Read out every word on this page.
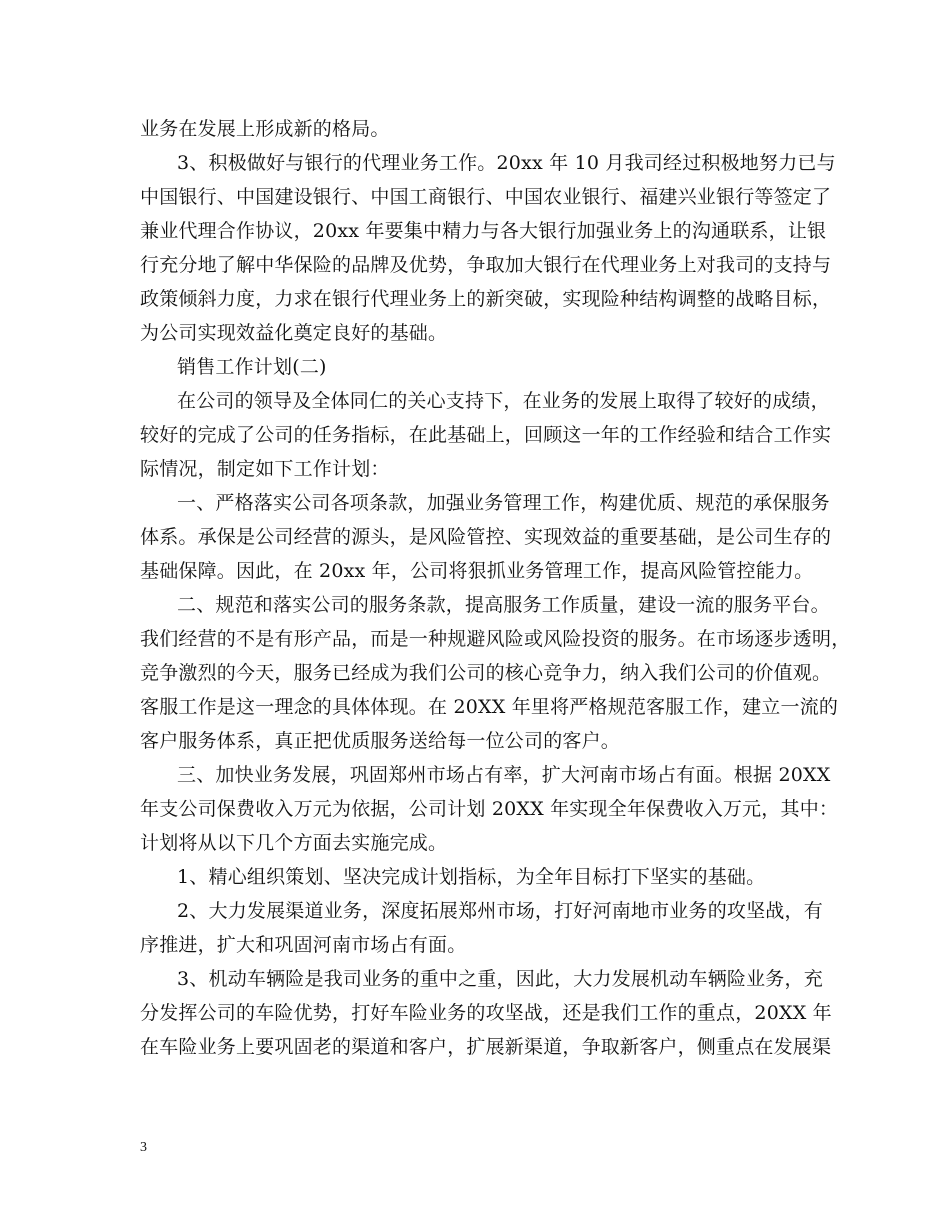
业务在发展上形成新的格局。
3、积极做好与银行的代理业务工作。20xx 年 10 月我司经过积极地努力已与
中国银行、中国建设银行、中国工商银行、中国农业银行、福建兴业银行等签定了
兼业代理合作协议，20xx 年要集中精力与各大银行加强业务上的沟通联系，让银
行充分地了解中华保险的品牌及优势，争取加大银行在代理业务上对我司的支持与
政策倾斜力度，力求在银行代理业务上的新突破，实现险种结构调整的战略目标，
为公司实现效益化奠定良好的基础。
销售工作计划(二)
在公司的领导及全体同仁的关心支持下，在业务的发展上取得了较好的成绩，
较好的完成了公司的任务指标，在此基础上，回顾这一年的工作经验和结合工作实
际情况，制定如下工作计划：
一、严格落实公司各项条款，加强业务管理工作，构建优质、规范的承保服务
体系。承保是公司经营的源头，是风险管控、实现效益的重要基础，是公司生存的
基础保障。因此，在 20xx 年，公司将狠抓业务管理工作，提高风险管控能力。
二、规范和落实公司的服务条款，提高服务工作质量，建设一流的服务平台。
我们经营的不是有形产品，而是一种规避风险或风险投资的服务。在市场逐步透明，
竞争激烈的今天，服务已经成为我们公司的核心竞争力，纳入我们公司的价值观。
客服工作是这一理念的具体体现。在 20XX 年里将严格规范客服工作，建立一流的
客户服务体系，真正把优质服务送给每一位公司的客户。
三、加快业务发展，巩固郑州市场占有率，扩大河南市场占有面。根据 20XX
年支公司保费收入万元为依据，公司计划 20XX 年实现全年保费收入万元，其中：
计划将从以下几个方面去实施完成。
1、精心组织策划、坚决完成计划指标，为全年目标打下坚实的基础。
2、大力发展渠道业务，深度拓展郑州市场，打好河南地市业务的攻坚战，有
序推进，扩大和巩固河南市场占有面。
3、机动车辆险是我司业务的重中之重，因此，大力发展机动车辆险业务，充
分发挥公司的车险优势，打好车险业务的攻坚战，还是我们工作的重点，20XX 年
在车险业务上要巩固老的渠道和客户，扩展新渠道，争取新客户，侧重点在发展渠
3
